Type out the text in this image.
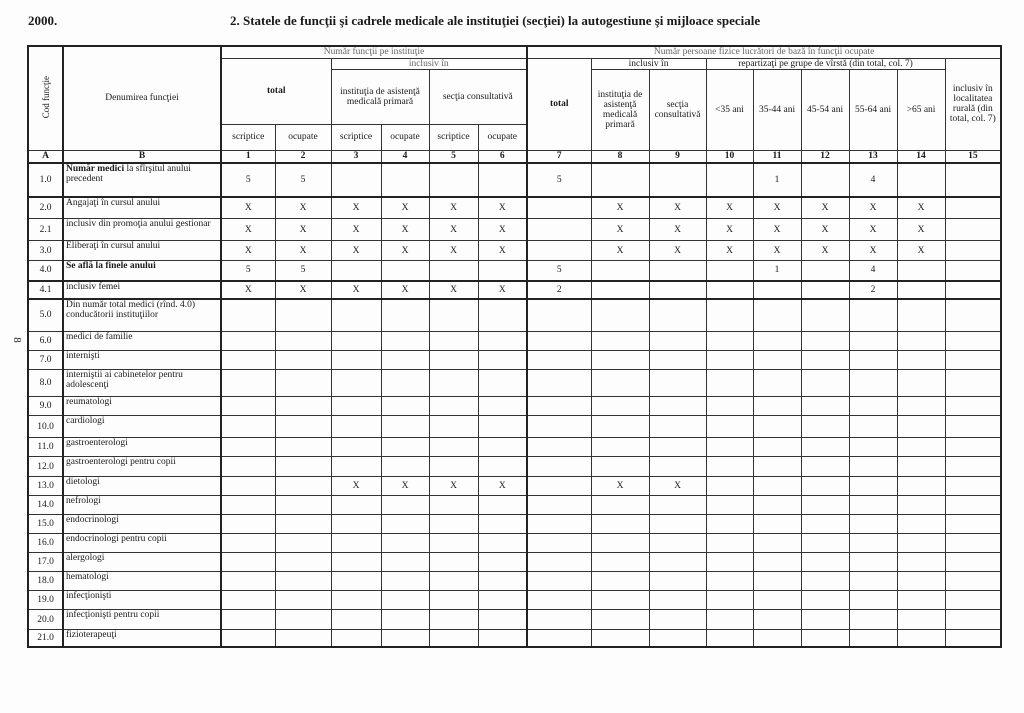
2000.	2. Statele de funcţii şi cadrele medicale ale instituţiei (secţiei) la autogestiune şi mijloace speciale
8
Cod funcţie	Denumirea funcţiei	Număr funcţii pe instituţie						Număr persoane fizice lucrători de bază în funcţii ocupate								
		total		inclusiv în				total	inclusiv în		repartizaţi pe grupe de vîrstă (din total, col. 7)					inclusiv în localitatea rurală (din total, col. 7)
				instituţia de asistenţă medicală primară		secţia consultativă			instituţia de asistenţă medicală primară	secţia consultativă	<35 ani	35-44 ani	45-54 ani	55-64 ani	>65 ani	
		scriptice	ocupate	scriptice	ocupate	scriptice	ocupate									
A	B	1	2	3	4	5	6	7	8	9	10	11	12	13	14	15
1.0	Număr medici la sfîrşitul anului precedent	5	5					5				1		4		
2.0	Angajaţi în cursul anului	X	X	X	X	X	X		X	X	X	X	X	X	X	
2.1	inclusiv din promoţia anului gestionar	X	X	X	X	X	X		X	X	X	X	X	X	X	
3.0	Eliberaţi în cursul anului	X	X	X	X	X	X		X	X	X	X	X	X	X	
4.0	Se află la finele anului	5	5					5				1		4		
4.1	inclusiv femei	X	X	X	X	X	X	2						2		
5.0	Din număr total medici (rînd. 4.0) conducătorii instituţiilor															
6.0	medici de familie															
7.0	internişti															
8.0	interniştii ai cabinetelor pentru adolescenţi															
9.0	reumatologi															
10.0	cardiologi															
11.0	gastroenterologi															
12.0	gastroenterologi pentru copii															
13.0	dietologi			X	X	X	X		X	X						
14.0	nefrologi															
15.0	endocrinologi															
16.0	endocrinologi pentru copii															
17.0	alergologi															
18.0	hematologi															
19.0	infecţionişti															
20.0	infecţionişti pentru copii															
21.0	fizioterapeuţi															
